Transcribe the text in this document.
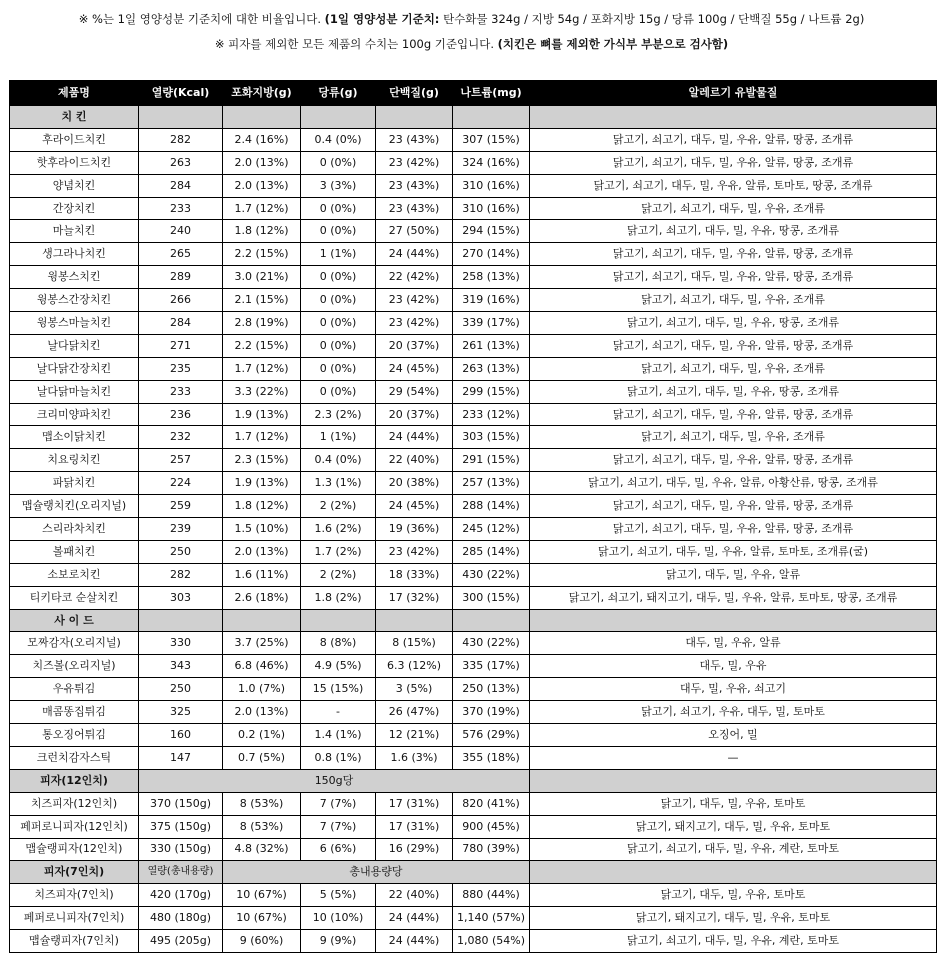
※ %는 1일 영양성분 기준치에 대한 비율입니다. (1일 영양성분 기준치: 탄수화물 324g / 지방 54g / 포화지방 15g / 당류 100g / 단백질 55g / 나트륨 2g)
※ 피자를 제외한 모든 제품의 수치는 100g 기준입니다. (치킨은 뼈를 제외한 가식부 부분으로 검사함)
제품명	열량(Kcal)	포화지방(g)	당류(g)	단백질(g)	나트륨(mg)	알레르기 유발물질
치 킨						
후라이드치킨	282	2.4 (16%)	0.4 (0%)	23 (43%)	307 (15%)	닭고기, 쇠고기, 대두, 밀, 우유, 알류, 땅콩, 조개류
핫후라이드치킨	263	2.0 (13%)	0 (0%)	23 (42%)	324 (16%)	닭고기, 쇠고기, 대두, 밀, 우유, 알류, 땅콩, 조개류
양념치킨	284	2.0 (13%)	3 (3%)	23 (43%)	310 (16%)	닭고기, 쇠고기, 대두, 밀, 우유, 알류, 토마토, 땅콩, 조개류
간장치킨	233	1.7 (12%)	0 (0%)	23 (43%)	310 (16%)	닭고기, 쇠고기, 대두, 밀, 우유, 조개류
마늘치킨	240	1.8 (12%)	0 (0%)	27 (50%)	294 (15%)	닭고기, 쇠고기, 대두, 밀, 우유, 땅콩, 조개류
생그라나치킨	265	2.2 (15%)	1 (1%)	24 (44%)	270 (14%)	닭고기, 쇠고기, 대두, 밀, 우유, 알류, 땅콩, 조개류
윙봉스치킨	289	3.0 (21%)	0 (0%)	22 (42%)	258 (13%)	닭고기, 쇠고기, 대두, 밀, 우유, 알류, 땅콩, 조개류
윙봉스간장치킨	266	2.1 (15%)	0 (0%)	23 (42%)	319 (16%)	닭고기, 쇠고기, 대두, 밀, 우유, 조개류
윙봉스마늘치킨	284	2.8 (19%)	0 (0%)	23 (42%)	339 (17%)	닭고기, 쇠고기, 대두, 밀, 우유, 땅콩, 조개류
날다닭치킨	271	2.2 (15%)	0 (0%)	20 (37%)	261 (13%)	닭고기, 쇠고기, 대두, 밀, 우유, 알류, 땅콩, 조개류
날다닭간장치킨	235	1.7 (12%)	0 (0%)	24 (45%)	263 (13%)	닭고기, 쇠고기, 대두, 밀, 우유, 조개류
날다닭마늘치킨	233	3.3 (22%)	0 (0%)	29 (54%)	299 (15%)	닭고기, 쇠고기, 대두, 밀, 우유, 땅콩, 조개류
크리미양파치킨	236	1.9 (13%)	2.3 (2%)	20 (37%)	233 (12%)	닭고기, 쇠고기, 대두, 밀, 우유, 알류, 땅콩, 조개류
맵소이닭치킨	232	1.7 (12%)	1 (1%)	24 (44%)	303 (15%)	닭고기, 쇠고기, 대두, 밀, 우유, 조개류
치요링치킨	257	2.3 (15%)	0.4 (0%)	22 (40%)	291 (15%)	닭고기, 쇠고기, 대두, 밀, 우유, 알류, 땅콩, 조개류
파닭치킨	224	1.9 (13%)	1.3 (1%)	20 (38%)	257 (13%)	닭고기, 쇠고기, 대두, 밀, 우유, 알류, 아황산류, 땅콩, 조개류
맵슐랭치킨(오리지널)	259	1.8 (12%)	2 (2%)	24 (45%)	288 (14%)	닭고기, 쇠고기, 대두, 밀, 우유, 알류, 땅콩, 조개류
스리라차치킨	239	1.5 (10%)	1.6 (2%)	19 (36%)	245 (12%)	닭고기, 쇠고기, 대두, 밀, 우유, 알류, 땅콩, 조개류
볼패치킨	250	2.0 (13%)	1.7 (2%)	23 (42%)	285 (14%)	닭고기, 쇠고기, 대두, 밀, 우유, 알류, 토마토, 조개류(굴)
소보로치킨	282	1.6 (11%)	2 (2%)	18 (33%)	430 (22%)	닭고기, 대두, 밀, 우유, 알류
티키타코 순살치킨	303	2.6 (18%)	1.8 (2%)	17 (32%)	300 (15%)	닭고기, 쇠고기, 돼지고기, 대두, 밀, 우유, 알류, 토마토, 땅콩, 조개류
사 이 드						
모짜감자(오리지널)	330	3.7 (25%)	8 (8%)	8 (15%)	430 (22%)	대두, 밀, 우유, 알류
치즈볼(오리지널)	343	6.8 (46%)	4.9 (5%)	6.3 (12%)	335 (17%)	대두, 밀, 우유
우유튀김	250	1.0 (7%)	15 (15%)	3 (5%)	250 (13%)	대두, 밀, 우유, 쇠고기
매콤똥집튀김	325	2.0 (13%)	-	26 (47%)	370 (19%)	닭고기, 쇠고기, 우유, 대두, 밀, 토마토
통오징어튀김	160	0.2 (1%)	1.4 (1%)	12 (21%)	576 (29%)	오징어, 밀
크런치감자스틱	147	0.7 (5%)	0.8 (1%)	1.6 (3%)	355 (18%)	—
피자(12인치)	150g당					
치즈피자(12인치)	370 (150g)	8 (53%)	7 (7%)	17 (31%)	820 (41%)	닭고기, 대두, 밀, 우유, 토마토
페퍼로니피자(12인치)	375 (150g)	8 (53%)	7 (7%)	17 (31%)	900 (45%)	닭고기, 돼지고기, 대두, 밀, 우유, 토마토
맵슐랭피자(12인치)	330 (150g)	4.8 (32%)	6 (6%)	16 (29%)	780 (39%)	닭고기, 쇠고기, 대두, 밀, 우유, 계란, 토마토
피자(7인치)	열량(총내용량)	총내용량당				
치즈피자(7인치)	420 (170g)	10 (67%)	5 (5%)	22 (40%)	880 (44%)	닭고기, 대두, 밀, 우유, 토마토
페퍼로니피자(7인치)	480 (180g)	10 (67%)	10 (10%)	24 (44%)	1,140 (57%)	닭고기, 돼지고기, 대두, 밀, 우유, 토마토
맵슐랭피자(7인치)	495 (205g)	9 (60%)	9 (9%)	24 (44%)	1,080 (54%)	닭고기, 쇠고기, 대두, 밀, 우유, 계란, 토마토
